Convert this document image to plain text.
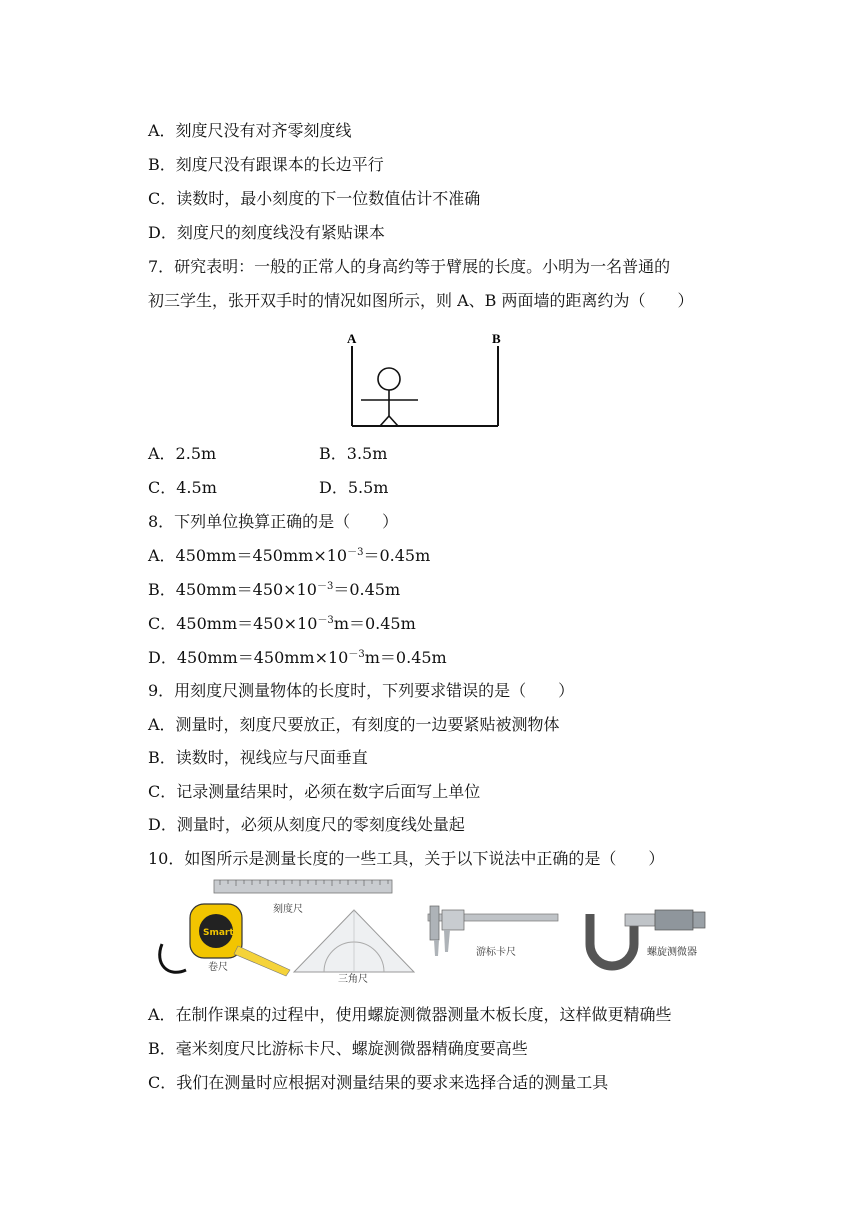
A．刻度尺没有对齐零刻度线
B．刻度尺没有跟课本的长边平行
C．读数时，最小刻度的下一位数值估计不准确
D．刻度尺的刻度线没有紧贴课本
7．研究表明：一般的正常人的身高约等于臂展的长度。小明为一名普通的
初三学生，张开双手时的情况如图所示，则 A、B 两面墙的距离约为（　　）
A	B
A．2.5m	B．3.5m
C．4.5m	D．5.5m
8．下列单位换算正确的是（　　）
A．$450mm=450mm\times 10^{-3}=0.45m$
B．$450mm=450\times 10^{-3}=0.45m$
C．$450mm=450\times 10^{-3}m=0.45m$
D．$450mm=450mm\times 10^{-3}m=0.45m$
9．用刻度尺测量物体的长度时，下列要求错误的是（　　）
A．测量时，刻度尺要放正，有刻度的一边要紧贴被测物体
B．读数时，视线应与尺面垂直
C．记录测量结果时，必须在数字后面写上单位
D．测量时，必须从刻度尺的零刻度线处量起
10．如图所示是测量长度的一些工具，关于以下说法中正确的是（　　）
刻度尺
Smart
卷尺
三角尺
游标卡尺	螺旋测微器
A．在制作课桌的过程中，使用螺旋测微器测量木板长度，这样做更精确些
B．毫米刻度尺比游标卡尺、螺旋测微器精确度要高些
C．我们在测量时应根据对测量结果的要求来选择合适的测量工具
